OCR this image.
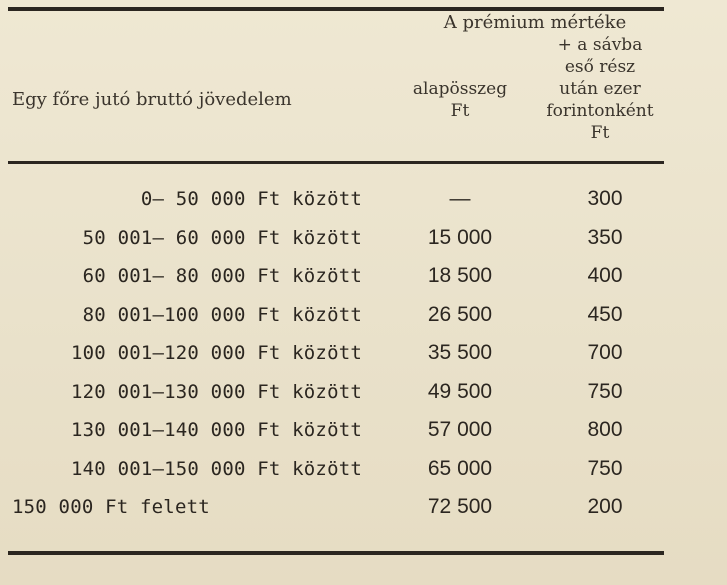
A prémium mértéke
Egy főre jutó bruttó jövedelem	alapösszeg
Ft
+ a sávba
eső rész
után ezer
forintonként
Ft
0— 50 000 Ft között	—	300
50 001— 60 000 Ft között	15 000	350
60 001— 80 000 Ft között	18 500	400
80 001—100 000 Ft között	26 500	450
100 001—120 000 Ft között	35 500	700
120 001—130 000 Ft között	49 500	750
130 001—140 000 Ft között	57 000	800
140 001—150 000 Ft között	65 000	750
150 000 Ft felett	72 500	200
